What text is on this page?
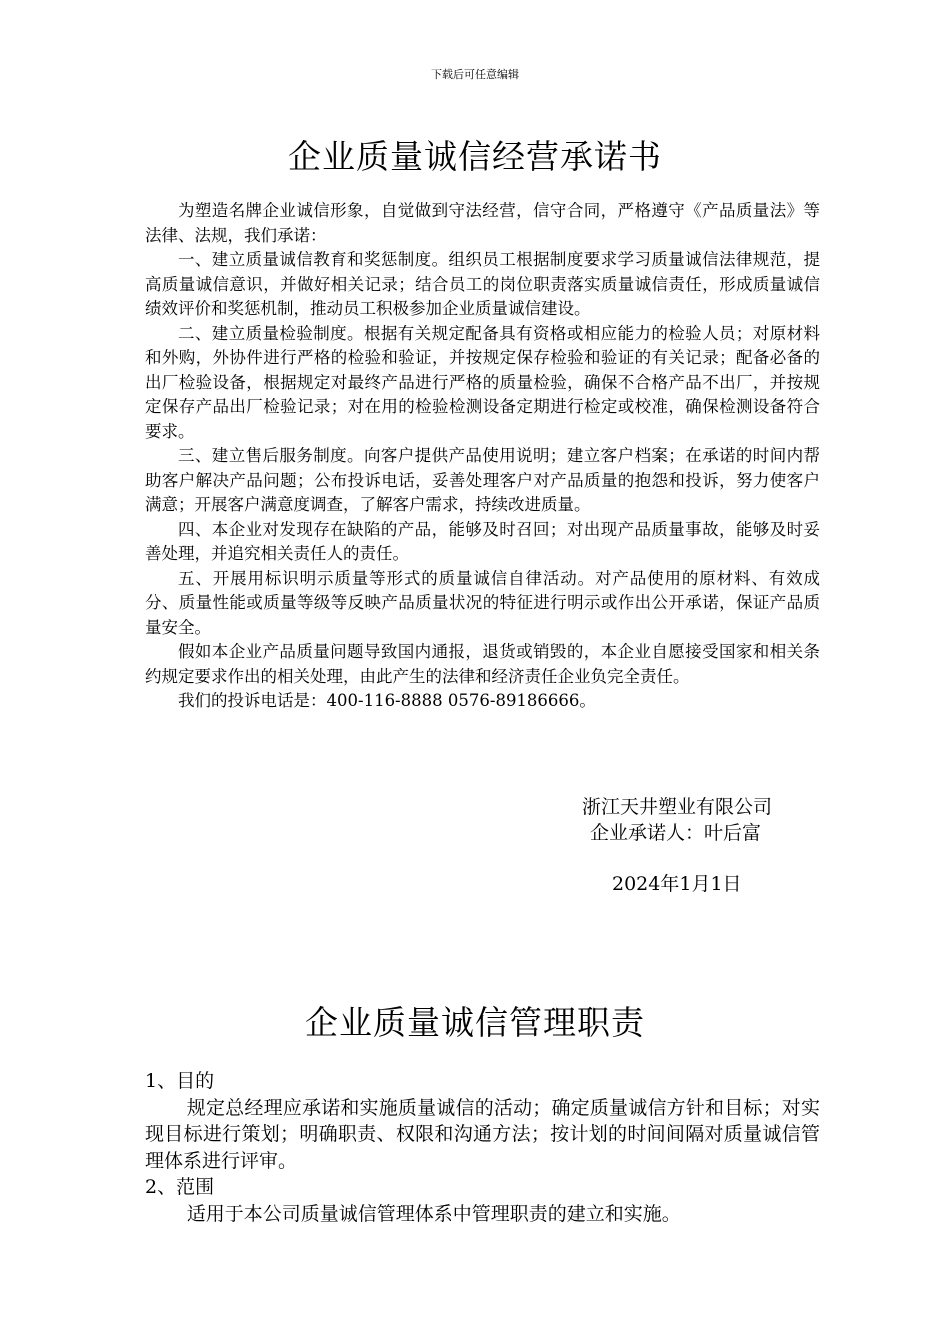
下载后可任意编辑
企业质量诚信经营承诺书

为塑造名牌企业诚信形象，自觉做到守法经营，信守合同，严格遵守《产品质量法》等法律、法规，我们承诺：

一、建立质量诚信教育和奖惩制度。组织员工根据制度要求学习质量诚信法律规范，提高质量诚信意识，并做好相关记录；结合员工的岗位职责落实质量诚信责任，形成质量诚信绩效评价和奖惩机制，推动员工积极参加企业质量诚信建设。

二、建立质量检验制度。根据有关规定配备具有资格或相应能力的检验人员；对原材料和外购，外协件进行严格的检验和验证，并按规定保存检验和验证的有关记录；配备必备的出厂检验设备，根据规定对最终产品进行严格的质量检验，确保不合格产品不出厂，并按规定保存产品出厂检验记录；对在用的检验检测设备定期进行检定或校准，确保检测设备符合要求。

三、建立售后服务制度。向客户提供产品使用说明；建立客户档案；在承诺的时间内帮助客户解决产品问题；公布投诉电话，妥善处理客户对产品质量的抱怨和投诉，努力使客户满意；开展客户满意度调查，了解客户需求，持续改进质量。

四、本企业对发现存在缺陷的产品，能够及时召回；对出现产品质量事故，能够及时妥善处理，并追究相关责任人的责任。

五、开展用标识明示质量等形式的质量诚信自律活动。对产品使用的原材料、有效成分、质量性能或质量等级等反映产品质量状况的特征进行明示或作出公开承诺，保证产品质量安全。

假如本企业产品质量问题导致国内通报，退货或销毁的，本企业自愿接受国家和相关条约规定要求作出的相关处理，由此产生的法律和经济责任企业负完全责任。

我们的投诉电话是：400-116-8888 0576-89186666。

浙江天井塑业有限公司
企业承诺人：叶后富
2024年1月1日
企业质量诚信管理职责

1、目的

规定总经理应承诺和实施质量诚信的活动；确定质量诚信方针和目标；对实现目标进行策划；明确职责、权限和沟通方法；按计划的时间间隔对质量诚信管理体系进行评审。

2、范围

适用于本公司质量诚信管理体系中管理职责的建立和实施。
